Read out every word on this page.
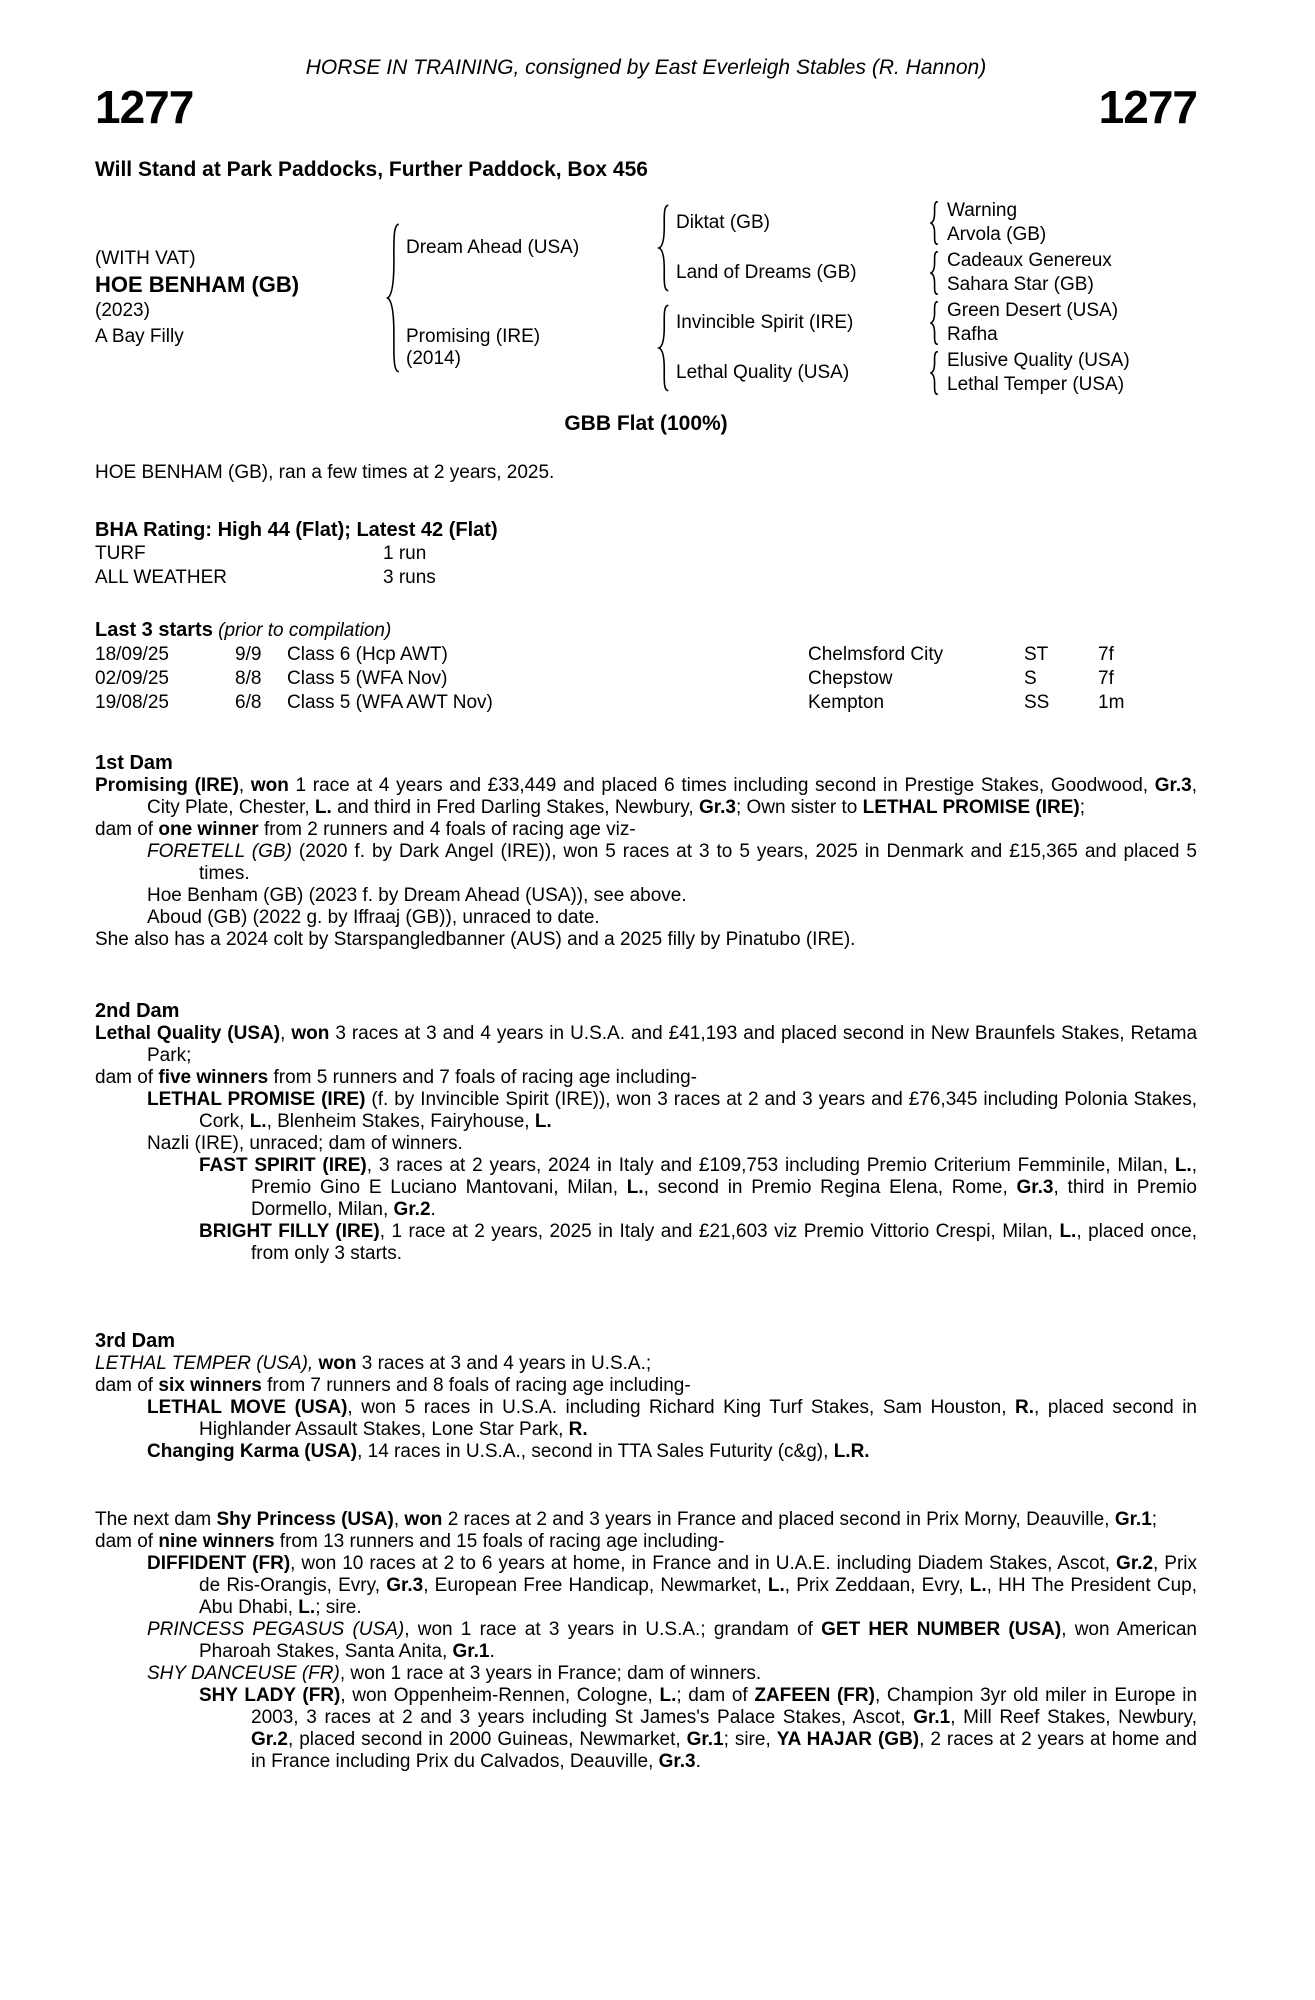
HORSE IN TRAINING, consigned by East Everleigh Stables (R. Hannon)
1277	1277
Will Stand at Park Paddocks, Further Paddock, Box 456
(WITH VAT)
HOE BENHAM (GB)
(2023)
A Bay Filly
Dream Ahead (USA)
Diktat (GB)
Warning
Arvola (GB)
Land of Dreams (GB)
Cadeaux Genereux
Sahara Star (GB)
Promising (IRE)
(2014)
Invincible Spirit (IRE)
Green Desert (USA)
Rafha
Lethal Quality (USA)
Elusive Quality (USA)
Lethal Temper (USA)
GBB Flat (100%)
HOE BENHAM (GB), ran a few times at 2 years, 2025.
BHA Rating: High 44 (Flat); Latest 42 (Flat)
TURF	1 run
ALL WEATHER	3 runs
Last 3 starts (prior to compilation)
18/09/25	9/9	Class 6 (Hcp AWT)	Chelmsford City	ST	7f
02/09/25	8/8	Class 5 (WFA Nov)	Chepstow	S	7f
19/08/25	6/8	Class 5 (WFA AWT Nov)	Kempton	SS	1m
1st Dam

Promising (IRE), won 1 race at 4 years and £33,449 and placed 6 times including second in Prestige Stakes, Goodwood, Gr.3, City Plate, Chester, L. and third in Fred Darling Stakes, Newbury, Gr.3; Own sister to LETHAL PROMISE (IRE);

dam of one winner from 2 runners and 4 foals of racing age viz-

FORETELL (GB) (2020 f. by Dark Angel (IRE)), won 5 races at 3 to 5 years, 2025 in Denmark and £15,365 and placed 5 times.

Hoe Benham (GB) (2023 f. by Dream Ahead (USA)), see above.

Aboud (GB) (2022 g. by Iffraaj (GB)), unraced to date.

She also has a 2024 colt by Starspangledbanner (AUS) and a 2025 filly by Pinatubo (IRE).

2nd Dam

Lethal Quality (USA), won 3 races at 3 and 4 years in U.S.A. and £41,193 and placed second in New Braunfels Stakes, Retama Park;

dam of five winners from 5 runners and 7 foals of racing age including-

LETHAL PROMISE (IRE) (f. by Invincible Spirit (IRE)), won 3 races at 2 and 3 years and £76,345 including Polonia Stakes, Cork, L., Blenheim Stakes, Fairyhouse, L.

Nazli (IRE), unraced; dam of winners.

FAST SPIRIT (IRE), 3 races at 2 years, 2024 in Italy and £109,753 including Premio Criterium Femminile, Milan, L., Premio Gino E Luciano Mantovani, Milan, L., second in Premio Regina Elena, Rome, Gr.3, third in Premio Dormello, Milan, Gr.2.

BRIGHT FILLY (IRE), 1 race at 2 years, 2025 in Italy and £21,603 viz Premio Vittorio Crespi, Milan, L., placed once, from only 3 starts.

3rd Dam

LETHAL TEMPER (USA), won 3 races at 3 and 4 years in U.S.A.;

dam of six winners from 7 runners and 8 foals of racing age including-

LETHAL MOVE (USA), won 5 races in U.S.A. including Richard King Turf Stakes, Sam Houston, R., placed second in Highlander Assault Stakes, Lone Star Park, R.

Changing Karma (USA), 14 races in U.S.A., second in TTA Sales Futurity (c&g), L.R.

The next dam Shy Princess (USA), won 2 races at 2 and 3 years in France and placed second in Prix Morny, Deauville, Gr.1;

dam of nine winners from 13 runners and 15 foals of racing age including-

DIFFIDENT (FR), won 10 races at 2 to 6 years at home, in France and in U.A.E. including Diadem Stakes, Ascot, Gr.2, Prix de Ris-Orangis, Evry, Gr.3, European Free Handicap, Newmarket, L., Prix Zeddaan, Evry, L., HH The President Cup, Abu Dhabi, L.; sire.

PRINCESS PEGASUS (USA), won 1 race at 3 years in U.S.A.; grandam of GET HER NUMBER (USA), won American Pharoah Stakes, Santa Anita, Gr.1.

SHY DANCEUSE (FR), won 1 race at 3 years in France; dam of winners.

SHY LADY (FR), won Oppenheim-Rennen, Cologne, L.; dam of ZAFEEN (FR), Champion 3yr old miler in Europe in 2003, 3 races at 2 and 3 years including St James's Palace Stakes, Ascot, Gr.1, Mill Reef Stakes, Newbury, Gr.2, placed second in 2000 Guineas, Newmarket, Gr.1; sire, YA HAJAR (GB), 2 races at 2 years at home and in France including Prix du Calvados, Deauville, Gr.3.
